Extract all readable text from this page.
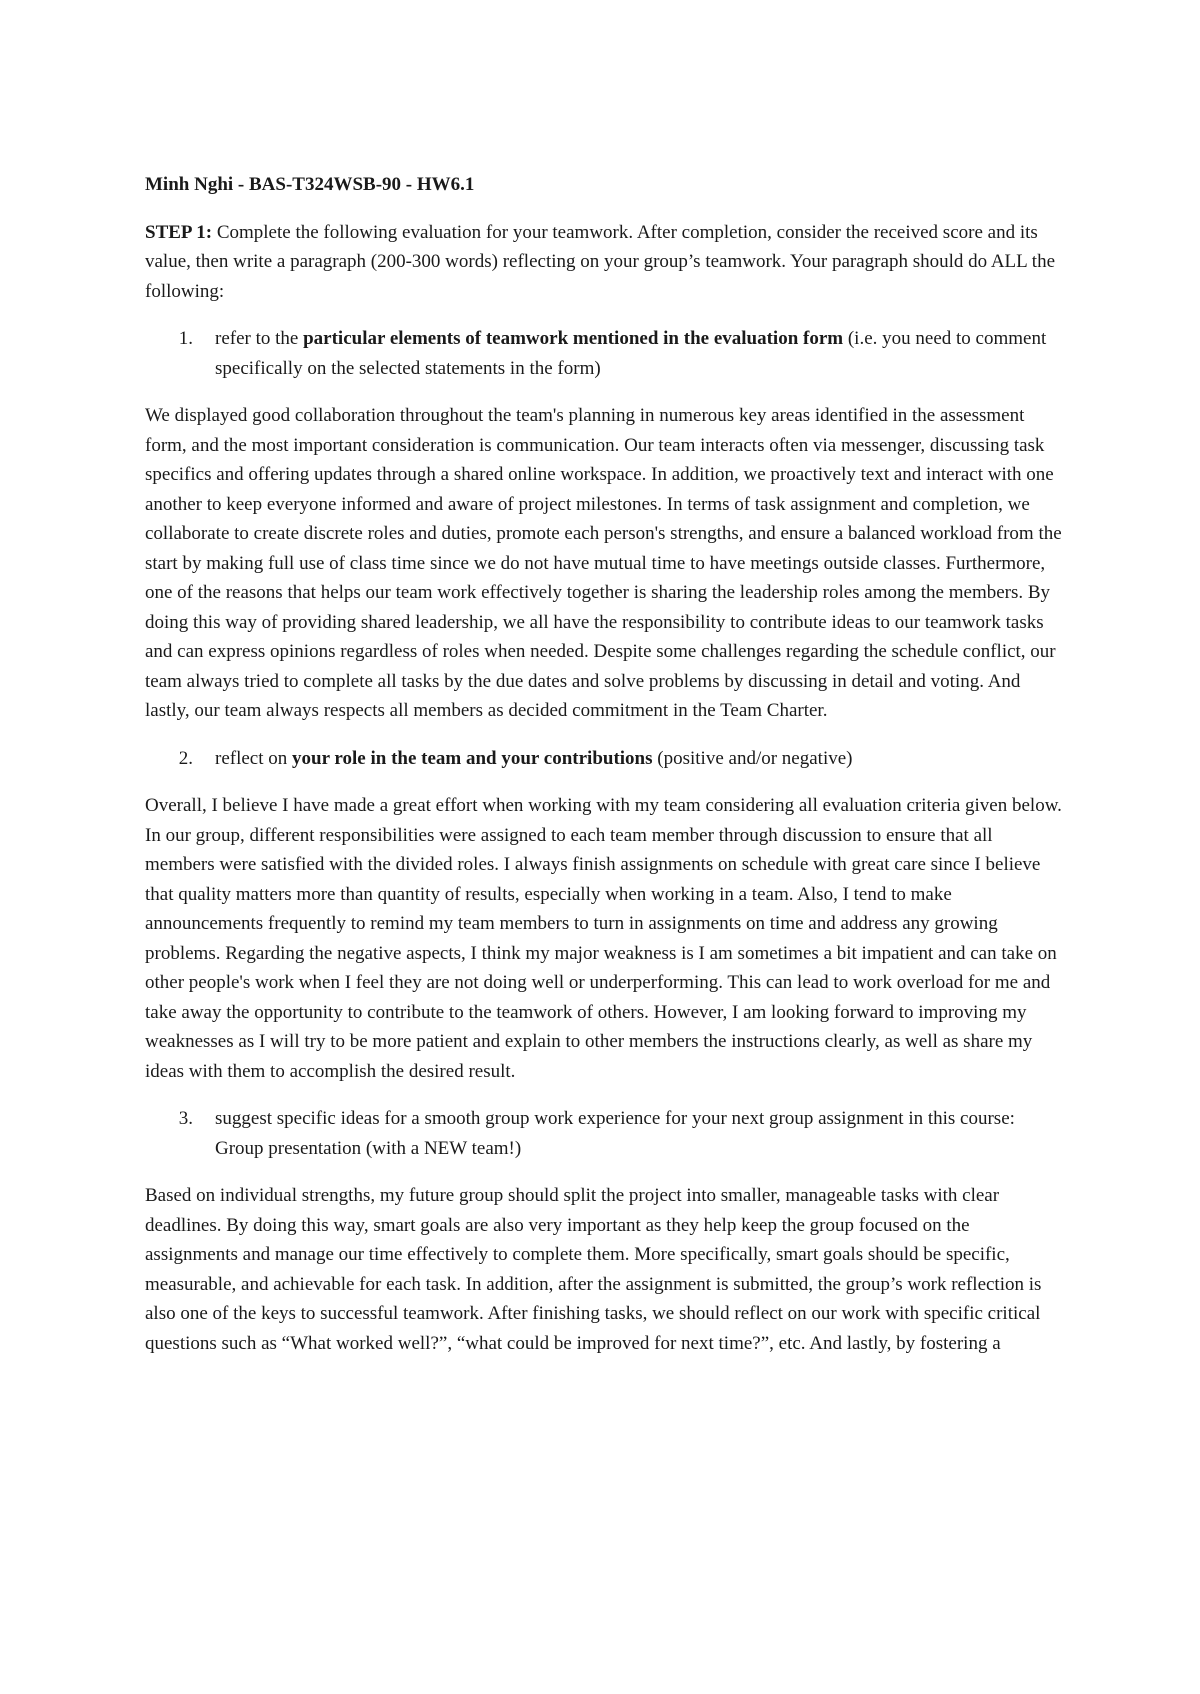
Minh Nghi - BAS-T324WSB-90 - HW6.1

STEP 1: Complete the following evaluation for your teamwork. After completion, consider the received score and its value, then write a paragraph (200-300 words) reflecting on your group’s teamwork. Your paragraph should do ALL the following:

1.	refer to the particular elements of teamwork mentioned in the evaluation form (i.e. you need to comment specifically on the selected statements in the form)

We displayed good collaboration throughout the team's planning in numerous key areas identified in the assessment form, and the most important consideration is communication. Our team interacts often via messenger, discussing task specifics and offering updates through a shared online workspace. In addition, we proactively text and interact with one another to keep everyone informed and aware of project milestones. In terms of task assignment and completion, we collaborate to create discrete roles and duties, promote each person's strengths, and ensure a balanced workload from the start by making full use of class time since we do not have mutual time to have meetings outside classes. Furthermore, one of the reasons that helps our team work effectively together is sharing the leadership roles among the members. By doing this way of providing shared leadership, we all have the responsibility to contribute ideas to our teamwork tasks and can express opinions regardless of roles when needed. Despite some challenges regarding the schedule conflict, our team always tried to complete all tasks by the due dates and solve problems by discussing in detail and voting. And lastly, our team always respects all members as decided commitment in the Team Charter.

2.	reflect on your role in the team and your contributions (positive and/or negative)

Overall, I believe I have made a great effort when working with my team considering all evaluation criteria given below. In our group, different responsibilities were assigned to each team member through discussion to ensure that all members were satisfied with the divided roles. I always finish assignments on schedule with great care since I believe that quality matters more than quantity of results, especially when working in a team. Also, I tend to make announcements frequently to remind my team members to turn in assignments on time and address any growing problems. Regarding the negative aspects, I think my major weakness is I am sometimes a bit impatient and can take on other people's work when I feel they are not doing well or underperforming. This can lead to work overload for me and take away the opportunity to contribute to the teamwork of others. However, I am looking forward to improving my weaknesses as I will try to be more patient and explain to other members the instructions clearly, as well as share my ideas with them to accomplish the desired result.

3.	suggest specific ideas for a smooth group work experience for your next group assignment in this course: Group presentation (with a NEW team!)

Based on individual strengths, my future group should split the project into smaller, manageable tasks with clear deadlines. By doing this way, smart goals are also very important as they help keep the group focused on the assignments and manage our time effectively to complete them. More specifically, smart goals should be specific, measurable, and achievable for each task. In addition, after the assignment is submitted, the group’s work reflection is also one of the keys to successful teamwork. After finishing tasks, we should reflect on our work with specific critical questions such as “What worked well?”, “what could be improved for next time?”, etc. And lastly, by fostering a
